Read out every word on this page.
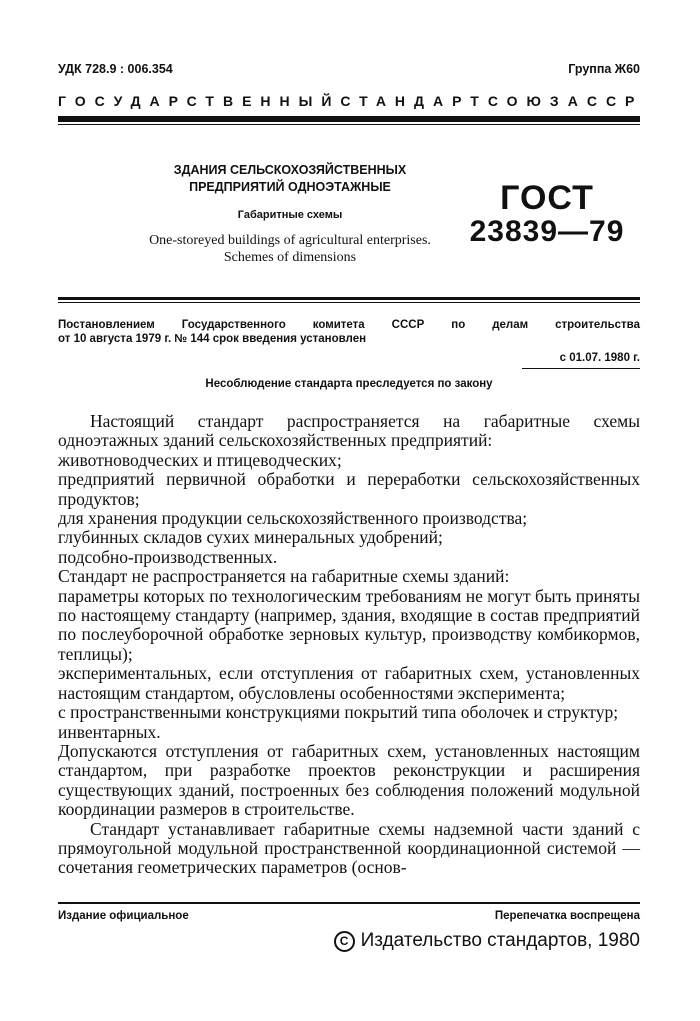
УДК 728.9 : 006.354	Группа Ж60
ГОСУДАРСТВЕННЫЙ СТАНДАРТ СОЮЗА ССР
ЗДАНИЯ СЕЛЬСКОХОЗЯЙСТВЕННЫХ
ПРЕДПРИЯТИЙ ОДНОЭТАЖНЫЕ
Габаритные схемы
One-storeyed buildings of agricultural enterprises.
Schemes of dimensions
ГОСТ
23839—79
Постановлением Государственного комитета СССР по делам строительства
от 10 августа 1979 г. № 144 срок введения установлен
с 01.07. 1980 г.
Несоблюдение стандарта преследуется по закону

Настоящий стандарт распространяется на габаритные схемы одноэтажных зданий сельскохозяйственных предприятий:

животноводческих и птицеводческих;

предприятий первичной обработки и переработки сельскохозяйственных продуктов;

для хранения продукции сельскохозяйственного производства;

глубинных складов сухих минеральных удобрений;

подсобно-производственных.

Стандарт не распространяется на габаритные схемы зданий:

параметры которых по технологическим требованиям не могут быть приняты по настоящему стандарту (например, здания, входящие в состав предприятий по послеуборочной обработке зерновых культур, производству комбикормов, теплицы);

экспериментальных, если отступления от габаритных схем, установленных настоящим стандартом, обусловлены особенностями эксперимента;

с пространственными конструкциями покрытий типа оболочек и структур;

инвентарных.

Допускаются отступления от габаритных схем, установленных настоящим стандартом, при разработке проектов реконструкции и расширения существующих зданий, построенных без соблюдения положений модульной координации размеров в строительстве.

Стандарт устанавливает габаритные схемы надземной части зданий с прямоугольной модульной пространственной координационной системой — сочетания геометрических параметров (основ-

Издание официальное	Перепечатка воспрещена
С Издательство стандартов, 1980
